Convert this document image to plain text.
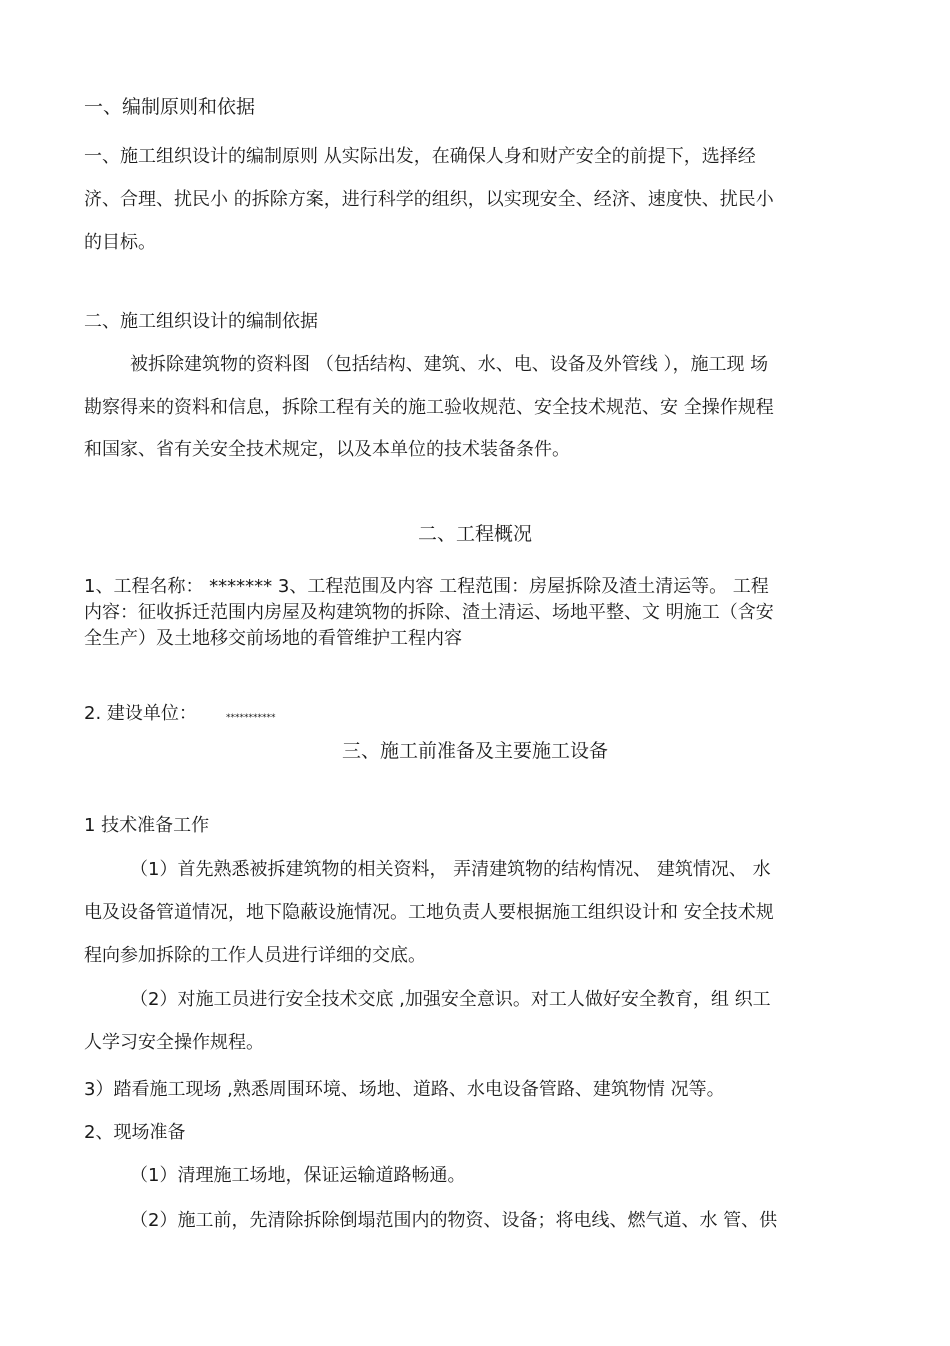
一、编制原则和依据

一、施工组织设计的编制原则 从实际出发，在确保人身和财产安全的前提下，选择经

济、合理、扰民小 的拆除方案，进行科学的组织，以实现安全、经济、速度快、扰民小

的目标。

二、施工组织设计的编制依据

被拆除建筑物的资料图 （包括结构、建筑、水、电、设备及外管线 ），施工现 场

勘察得来的资料和信息，拆除工程有关的施工验收规范、安全技术规范、安 全操作规程

和国家、省有关安全技术规定，以及本单位的技术装备条件。

二、工程概况

1、工程名称： ******* 3、工程范围及内容 工程范围：房屋拆除及渣土清运等。 工程

内容：征收拆迁范围内房屋及构建筑物的拆除、渣土清运、场地平整、文 明施工（含安

全生产）及土地移交前场地的看管维护工程内容

2. 建设单位：	***********

三、施工前准备及主要施工设备

1 技术准备工作

（1）首先熟悉被拆建筑物的相关资料， 弄清建筑物的结构情况、 建筑情况、 水

电及设备管道情况，地下隐蔽设施情况。工地负责人要根据施工组织设计和 安全技术规

程向参加拆除的工作人员进行详细的交底。

（2）对施工员进行安全技术交底 ,加强安全意识。对工人做好安全教育，组 织工

人学习安全操作规程。

3）踏看施工现场 ,熟悉周围环境、场地、道路、水电设备管路、建筑物情 况等。

2、现场准备

（1）清理施工场地，保证运输道路畅通。

（2）施工前，先清除拆除倒塌范围内的物资、设备；将电线、燃气道、水 管、供
